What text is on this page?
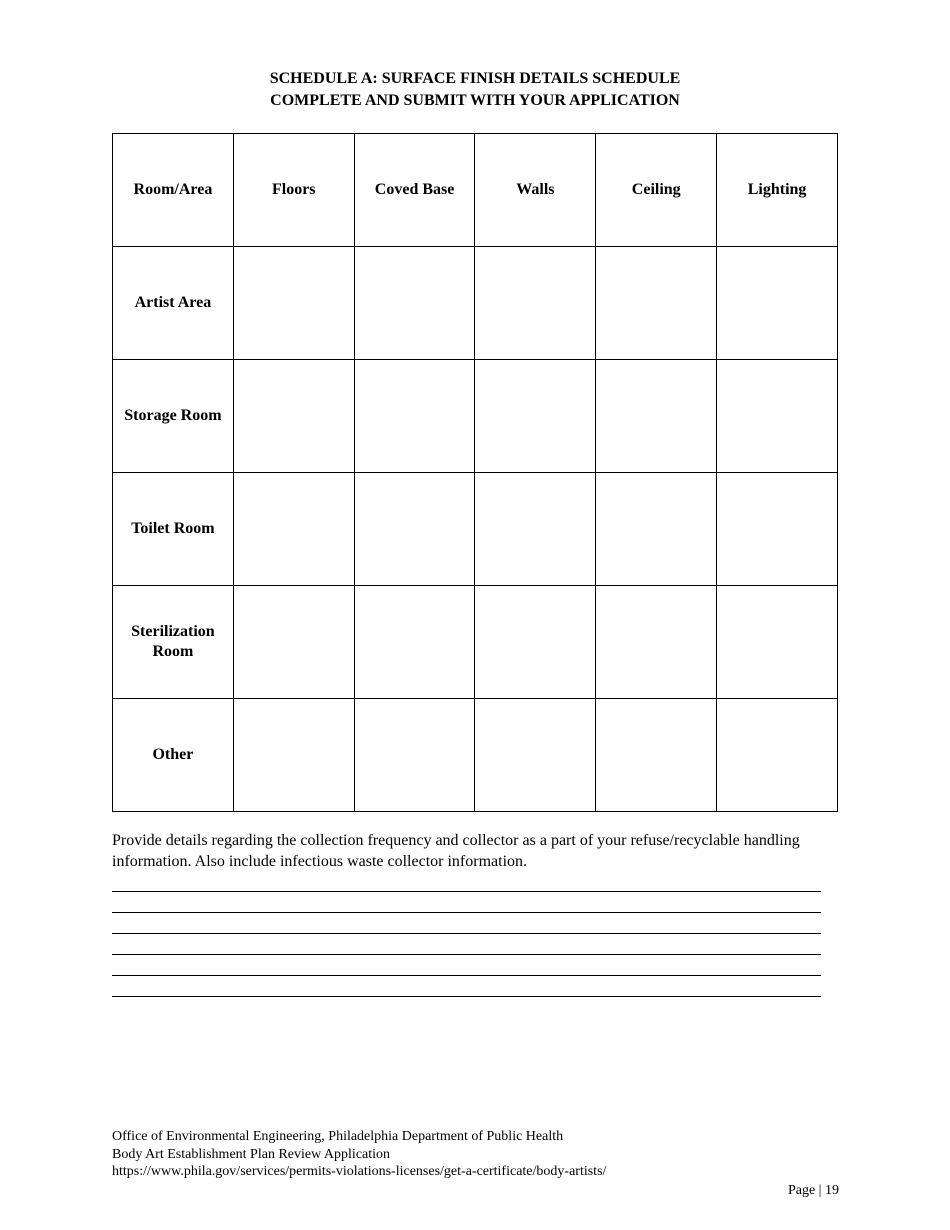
SCHEDULE A: SURFACE FINISH DETAILS SCHEDULE
COMPLETE AND SUBMIT WITH YOUR APPLICATION
Room/Area	Floors	Coved Base	Walls	Ceiling	Lighting
Artist Area					
Storage Room					
Toilet Room					
Sterilization Room					
Other					
Provide details regarding the collection frequency and collector as a part of your refuse/recyclable handling information. Also include infectious waste collector information.
Office of Environmental Engineering, Philadelphia Department of Public Health
Body Art Establishment Plan Review Application
https://www.phila.gov/services/permits-violations-licenses/get-a-certificate/body-artists/
Page | 19
